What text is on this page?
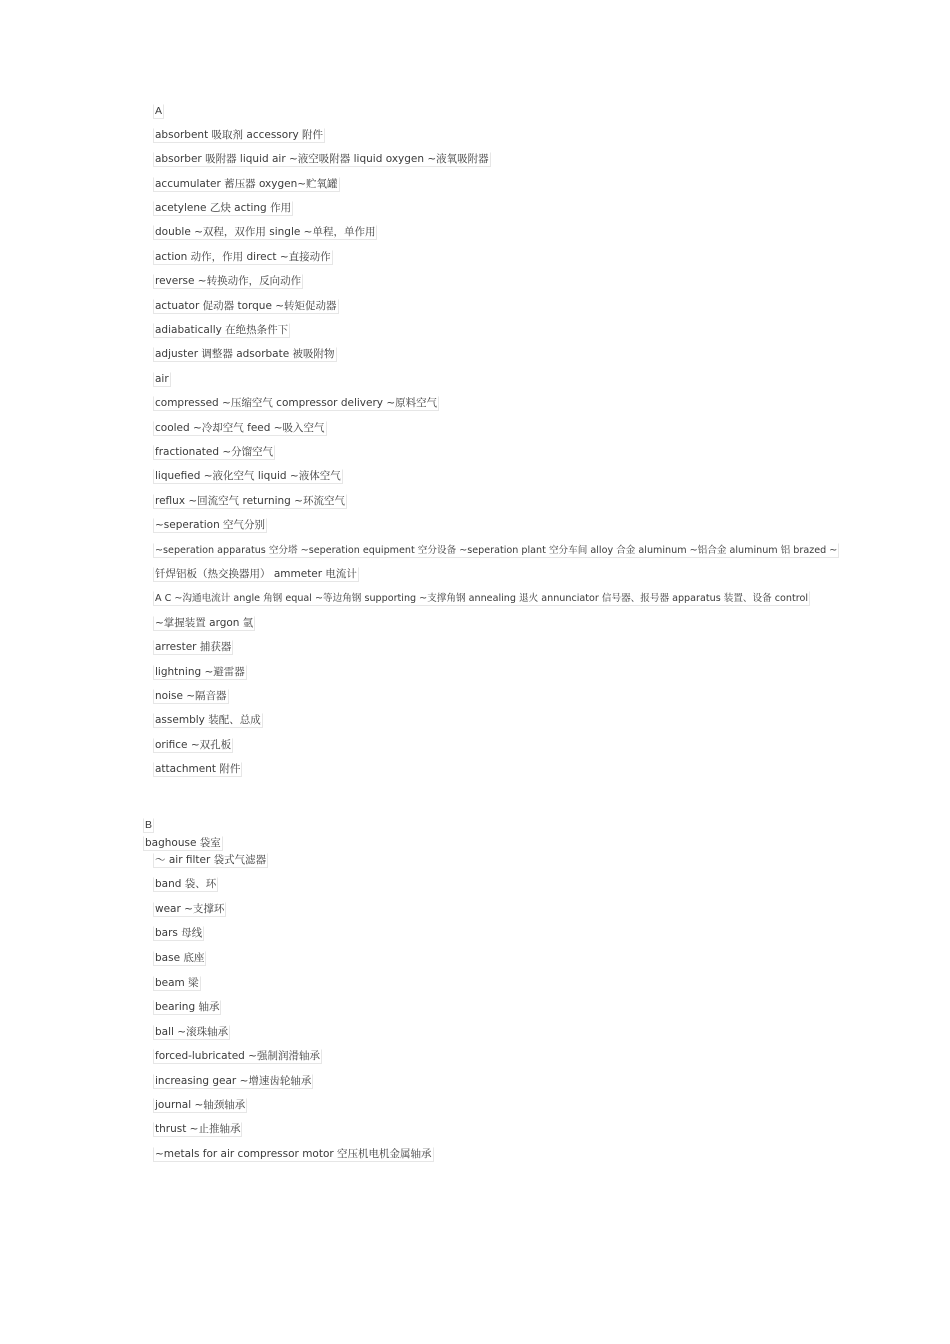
A
absorbent 吸取剂 accessory 附件
absorber 吸附器 liquid air ~液空吸附器 liquid oxygen ~液氧吸附器
accumulater 蓄压器 oxygen~贮氧罐
acetylene 乙炔 acting 作用
double ~双程，双作用 single ~单程，单作用
action 动作，作用 direct ~直接动作
reverse ~转换动作，反向动作
actuator 促动器 torque ~转矩促动器
adiabatically 在绝热条件下
adjuster 调整器 adsorbate 被吸附物
air
compressed ~压缩空气 compressor delivery ~原料空气
cooled ~冷却空气 feed ~吸入空气
fractionated ~分馏空气
liquefied ~液化空气 liquid ~液体空气
reflux ~回流空气 returning ~环流空气
~seperation 空气分别
~seperation apparatus 空分塔 ~seperation equipment 空分设备 ~seperation plant 空分车间 alloy 合金 aluminum ~铝合金 aluminum 铝 brazed ~
钎焊铝板（热交换器用） ammeter 电流计
A C ~沟通电流计 angle 角钢 equal ~等边角钢 supporting ~支撑角钢 annealing 退火 annunciator 信号器、报号器 apparatus 装置、设备 control
~掌握装置 argon 氩
arrester 捕获器
lightning ~避雷器
noise ~隔音器
assembly 装配、总成
orifice ~双孔板
attachment 附件
B
baghouse 袋室
～ air filter 袋式气滤器
band 袋、环
wear ~支撑环
bars 母线
base 底座
beam 梁
bearing 轴承
ball ~滚珠轴承
forced-lubricated ~强制润滑轴承
increasing gear ~增速齿轮轴承
journal ~轴颈轴承
thrust ~止推轴承
~metals for air compressor motor 空压机电机金属轴承
